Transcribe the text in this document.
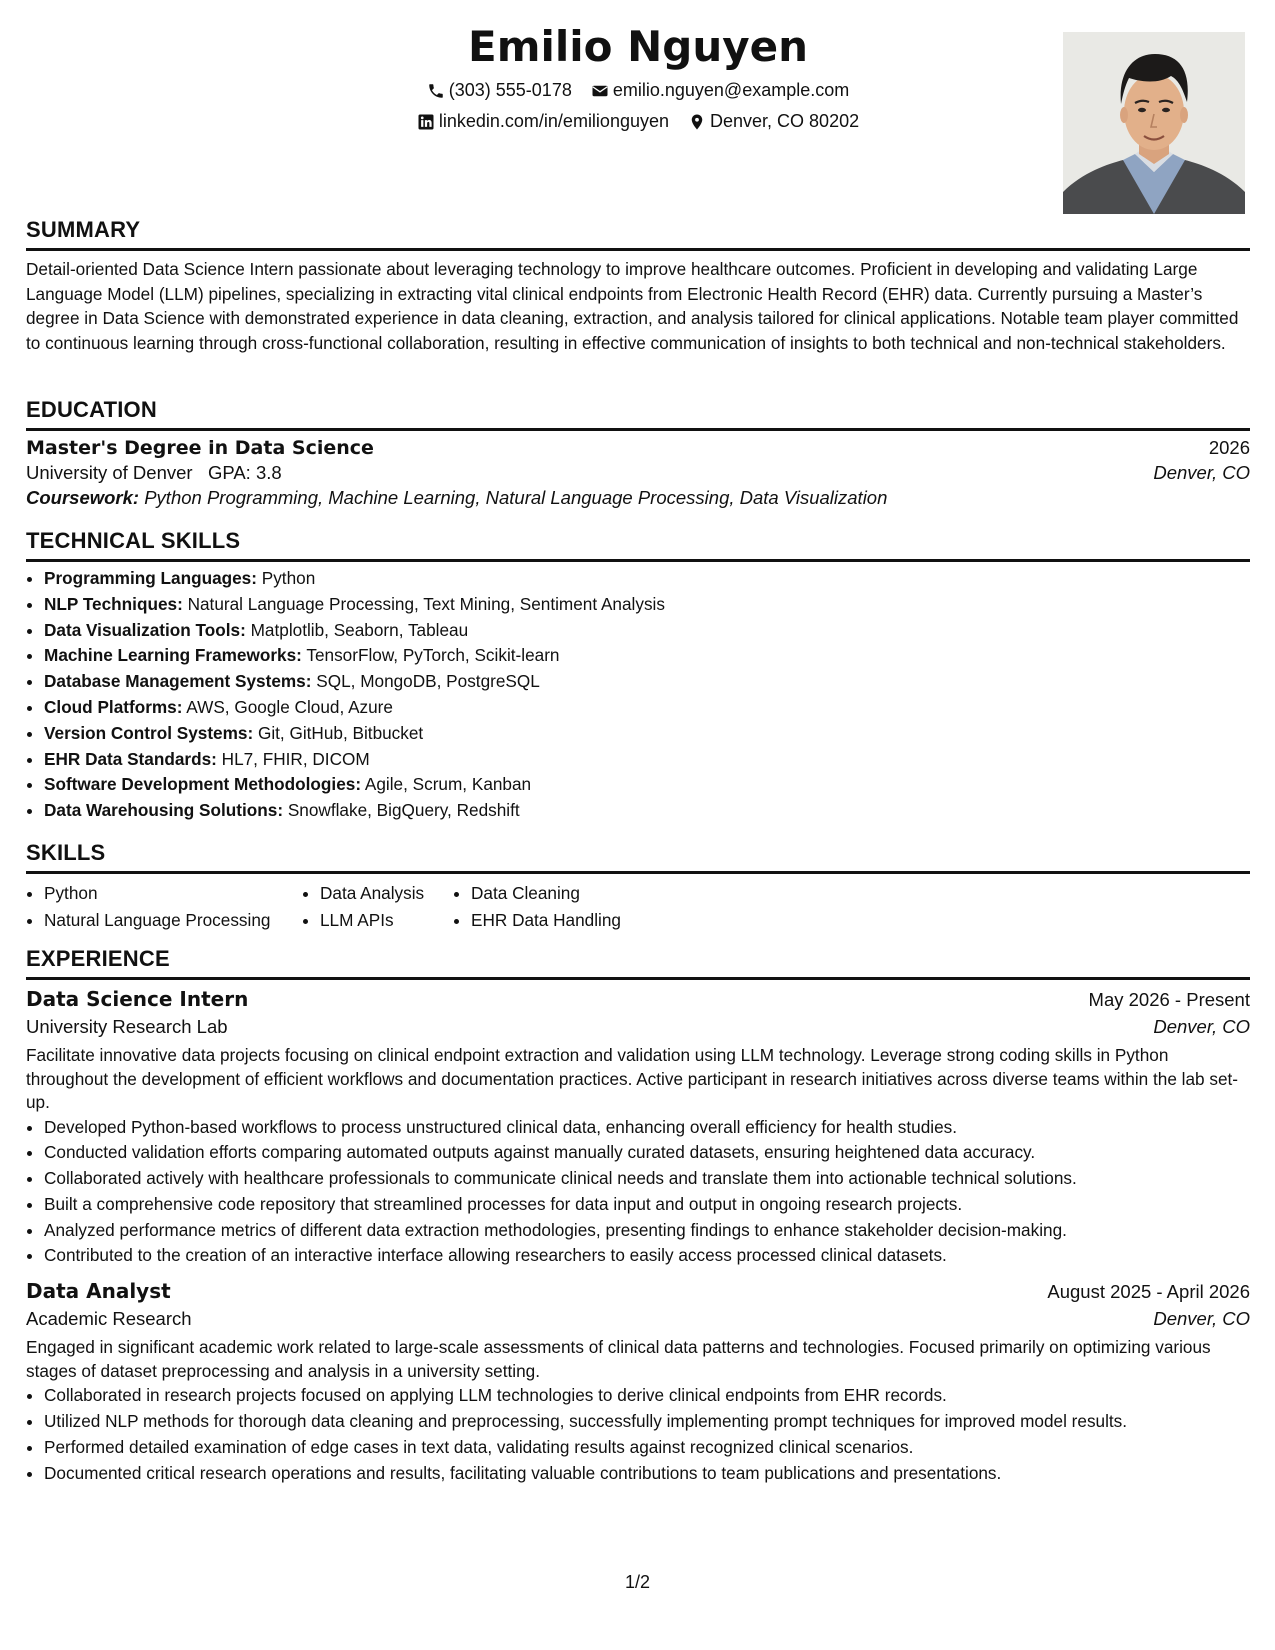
Emilio Nguyen
(303) 555-0178
emilio.nguyen@example.com
linkedin.com/in/emilionguyen
Denver, CO 80202
SUMMARY
Detail-oriented Data Science Intern passionate about leveraging technology to improve healthcare outcomes. Proficient in developing and validating Large Language Model (LLM) pipelines, specializing in extracting vital clinical endpoints from Electronic Health Record (EHR) data. Currently pursuing a Master’s degree in Data Science with demonstrated experience in data cleaning, extraction, and analysis tailored for clinical applications. Notable team player committed to continuous learning through cross-functional collaboration, resulting in effective communication of insights to both technical and non-technical stakeholders.
EDUCATION
Master's Degree in Data Science	2026
University of Denver GPA: 3.8	Denver, CO
Coursework: Python Programming, Machine Learning, Natural Language Processing, Data Visualization
TECHNICAL SKILLS
• Programming Languages: Python
• NLP Techniques: Natural Language Processing, Text Mining, Sentiment Analysis
• Data Visualization Tools: Matplotlib, Seaborn, Tableau
• Machine Learning Frameworks: TensorFlow, PyTorch, Scikit-learn
• Database Management Systems: SQL, MongoDB, PostgreSQL
• Cloud Platforms: AWS, Google Cloud, Azure
• Version Control Systems: Git, GitHub, Bitbucket
• EHR Data Standards: HL7, FHIR, DICOM
• Software Development Methodologies: Agile, Scrum, Kanban
• Data Warehousing Solutions: Snowflake, BigQuery, Redshift
SKILLS
• Python
• Natural Language Processing
• Data Analysis
• LLM APIs
• Data Cleaning
• EHR Data Handling
EXPERIENCE
Data Science Intern	May 2026 - Present
University Research Lab	Denver, CO
Facilitate innovative data projects focusing on clinical endpoint extraction and validation using LLM technology. Leverage strong coding skills in Python throughout the development of efficient workflows and documentation practices. Active participant in research initiatives across diverse teams within the lab set-up.
• Developed Python-based workflows to process unstructured clinical data, enhancing overall efficiency for health studies.
• Conducted validation efforts comparing automated outputs against manually curated datasets, ensuring heightened data accuracy.
• Collaborated actively with healthcare professionals to communicate clinical needs and translate them into actionable technical solutions.
• Built a comprehensive code repository that streamlined processes for data input and output in ongoing research projects.
• Analyzed performance metrics of different data extraction methodologies, presenting findings to enhance stakeholder decision-making.
• Contributed to the creation of an interactive interface allowing researchers to easily access processed clinical datasets.
Data Analyst	August 2025 - April 2026
Academic Research	Denver, CO
Engaged in significant academic work related to large-scale assessments of clinical data patterns and technologies. Focused primarily on optimizing various stages of dataset preprocessing and analysis in a university setting.
• Collaborated in research projects focused on applying LLM technologies to derive clinical endpoints from EHR records.
• Utilized NLP methods for thorough data cleaning and preprocessing, successfully implementing prompt techniques for improved model results.
• Performed detailed examination of edge cases in text data, validating results against recognized clinical scenarios.
• Documented critical research operations and results, facilitating valuable contributions to team publications and presentations.
1/2
